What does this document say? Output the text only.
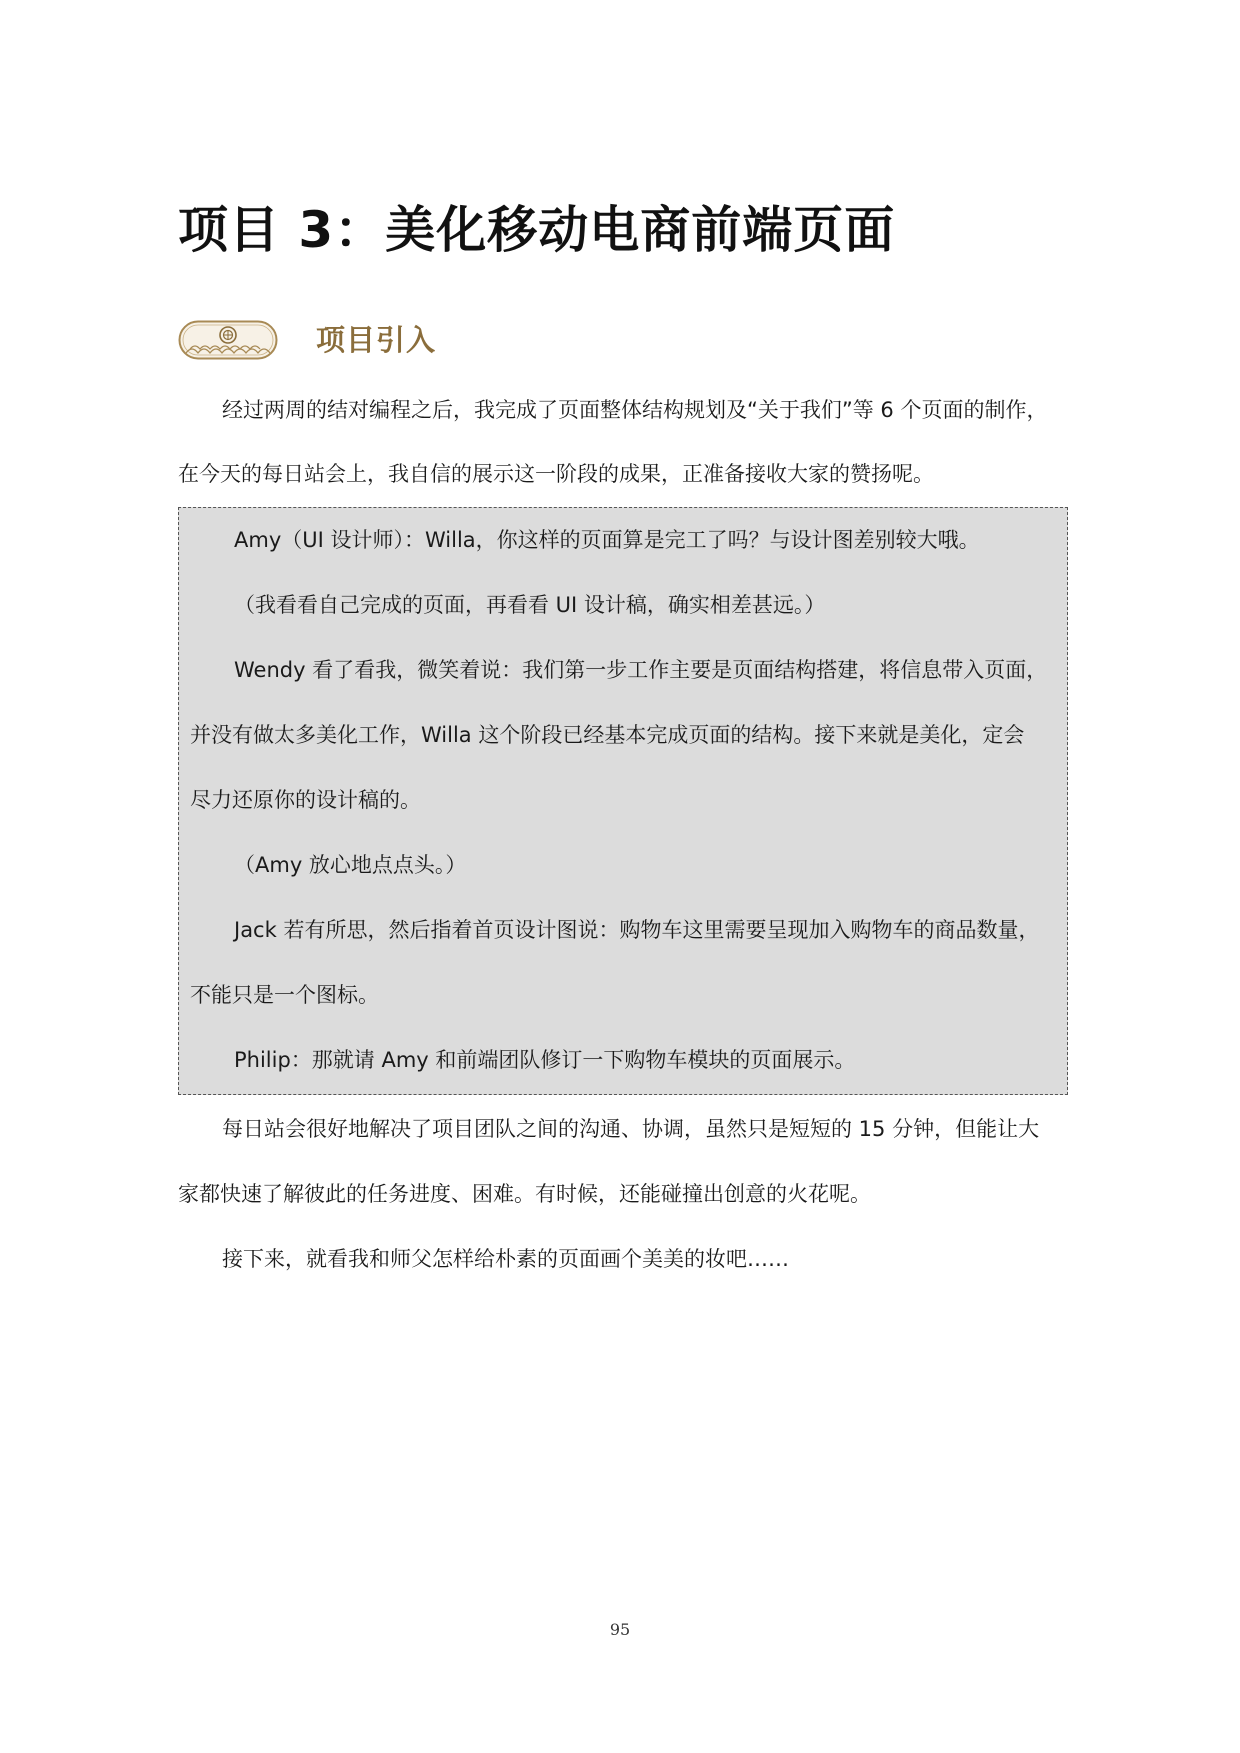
项目 3：美化移动电商前端页面
项目引入

经过两周的结对编程之后，我完成了页面整体结构规划及“关于我们”等 6 个页面的制作，

在今天的每日站会上，我自信的展示这一阶段的成果，正准备接收大家的赞扬呢。

Amy（UI 设计师）：Willa，你这样的页面算是完工了吗？与设计图差别较大哦。

（我看看自己完成的页面，再看看 UI 设计稿，确实相差甚远。）

Wendy 看了看我，微笑着说：我们第一步工作主要是页面结构搭建，将信息带入页面，

并没有做太多美化工作，Willa 这个阶段已经基本完成页面的结构。接下来就是美化，定会

尽力还原你的设计稿的。

（Amy 放心地点点头。）

Jack 若有所思，然后指着首页设计图说：购物车这里需要呈现加入购物车的商品数量，

不能只是一个图标。

Philip：那就请 Amy 和前端团队修订一下购物车模块的页面展示。

每日站会很好地解决了项目团队之间的沟通、协调，虽然只是短短的 15 分钟，但能让大

家都快速了解彼此的任务进度、困难。有时候，还能碰撞出创意的火花呢。

接下来，就看我和师父怎样给朴素的页面画个美美的妆吧……

95
